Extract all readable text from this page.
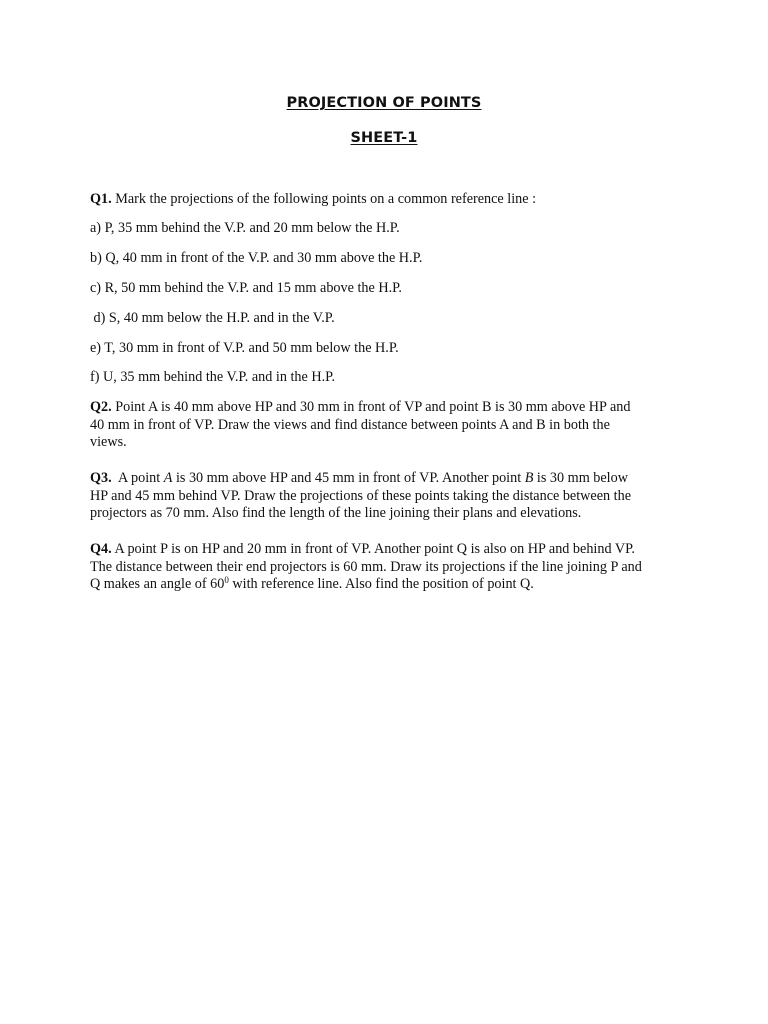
PROJECTION OF POINTS
SHEET-1
Q1. Mark the projections of the following points on a common reference line :
a) P, 35 mm behind the V.P. and 20 mm below the H.P.
b) Q, 40 mm in front of the V.P. and 30 mm above the H.P.
c) R, 50 mm behind the V.P. and 15 mm above the H.P.
d) S, 40 mm below the H.P. and in the V.P.
e) T, 30 mm in front of V.P. and 50 mm below the H.P.
f) U, 35 mm behind the V.P. and in the H.P.
Q2. Point A is 40 mm above HP and 30 mm in front of VP and point B is 30 mm above HP and
40 mm in front of VP. Draw the views and find distance between points A and B in both the
views.
Q3.  A point A is 30 mm above HP and 45 mm in front of VP. Another point B is 30 mm below
HP and 45 mm behind VP. Draw the projections of these points taking the distance between the
projectors as 70 mm. Also find the length of the line joining their plans and elevations.
Q4. A point P is on HP and 20 mm in front of VP. Another point Q is also on HP and behind VP.
The distance between their end projectors is 60 mm. Draw its projections if the line joining P and
Q makes an angle of $60^0$ with reference line. Also find the position of point Q.
